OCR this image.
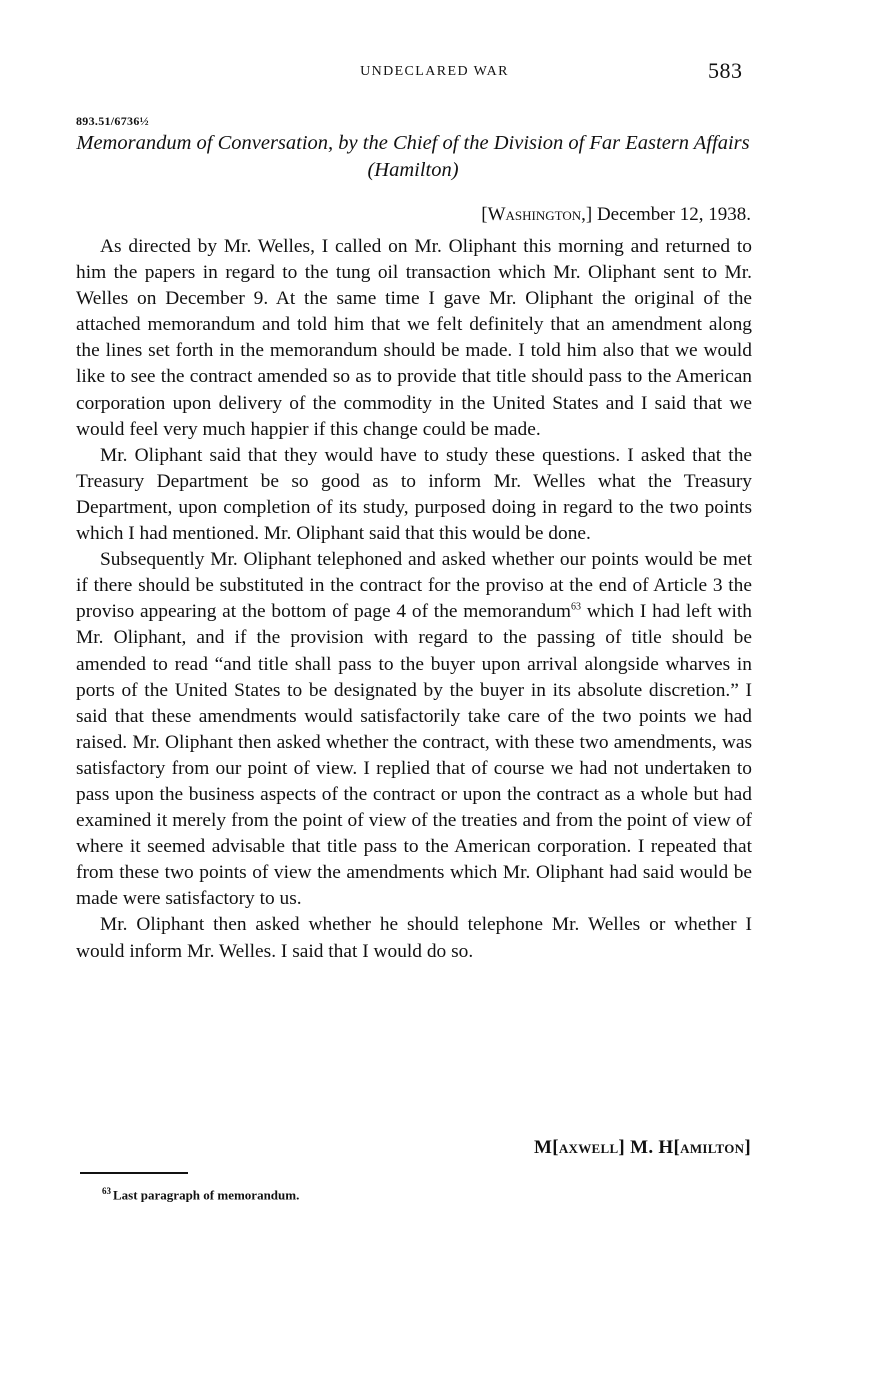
UNDECLARED WAR	583
893.51/6736½
Memorandum of Conversation, by the Chief of the Division of Far Eastern Affairs (Hamilton)
[Washington,] December 12, 1938.

As directed by Mr. Welles, I called on Mr. Oliphant this morning and returned to him the papers in regard to the tung oil transaction which Mr. Oliphant sent to Mr. Welles on December 9. At the same time I gave Mr. Oliphant the original of the attached memorandum and told him that we felt definitely that an amendment along the lines set forth in the memorandum should be made. I told him also that we would like to see the contract amended so as to provide that title should pass to the American corporation upon delivery of the commodity in the United States and I said that we would feel very much happier if this change could be made.

Mr. Oliphant said that they would have to study these questions. I asked that the Treasury Department be so good as to inform Mr. Welles what the Treasury Department, upon completion of its study, purposed doing in regard to the two points which I had mentioned. Mr. Oliphant said that this would be done.

Subsequently Mr. Oliphant telephoned and asked whether our points would be met if there should be substituted in the contract for the proviso at the end of Article 3 the proviso appearing at the bottom of page 4 of the memorandum$^{63}$ which I had left with Mr. Oliphant, and if the provision with regard to the passing of title should be amended to read “and title shall pass to the buyer upon arrival alongside wharves in ports of the United States to be designated by the buyer in its absolute discretion.” I said that these amendments would satisfactorily take care of the two points we had raised. Mr. Oliphant then asked whether the contract, with these two amendments, was satisfactory from our point of view. I replied that of course we had not undertaken to pass upon the business aspects of the contract or upon the contract as a whole but had examined it merely from the point of view of the treaties and from the point of view of where it seemed advisable that title pass to the American corporation. I repeated that from these two points of view the amendments which Mr. Oliphant had said would be made were satisfactory to us.

Mr. Oliphant then asked whether he should telephone Mr. Welles or whether I would inform Mr. Welles. I said that I would do so.

M[axwell] M. H[amilton]
$^{63}$ Last paragraph of memorandum.
